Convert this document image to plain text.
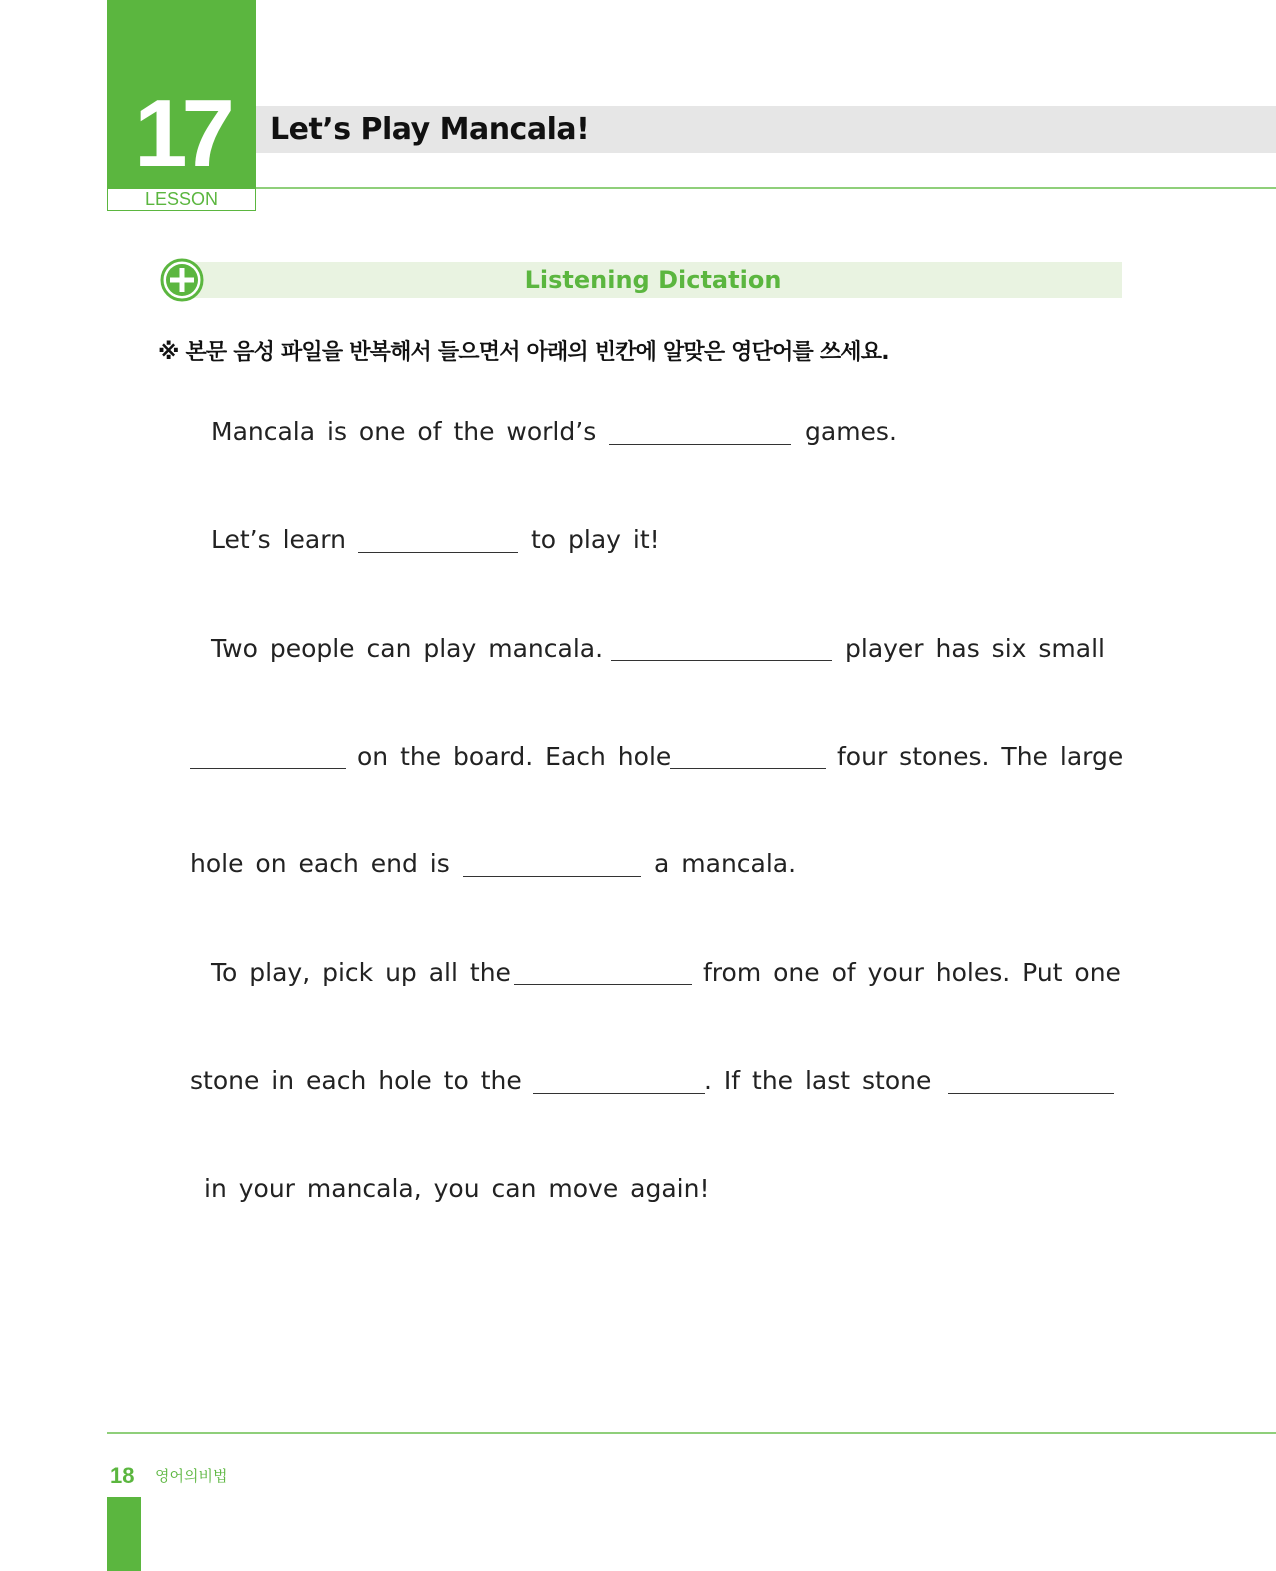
17
LESSON
Let’s Play Mancala!
Listening Dictation
※ 본문 음성 파일을 반복해서 들으면서 아래의 빈칸에 알맞은 영단어를 쓰세요.
Mancala is one of the world’s	games.
Let’s learn	to play it!
Two people can play mancala.	player has six small
on the board. Each hole	four stones. The large
hole on each end is	a mancala.
To play, pick up all the	from one of your holes. Put one
stone in each hole to the	. If the last stone
in your mancala, you can move again!
18 영어의비법
